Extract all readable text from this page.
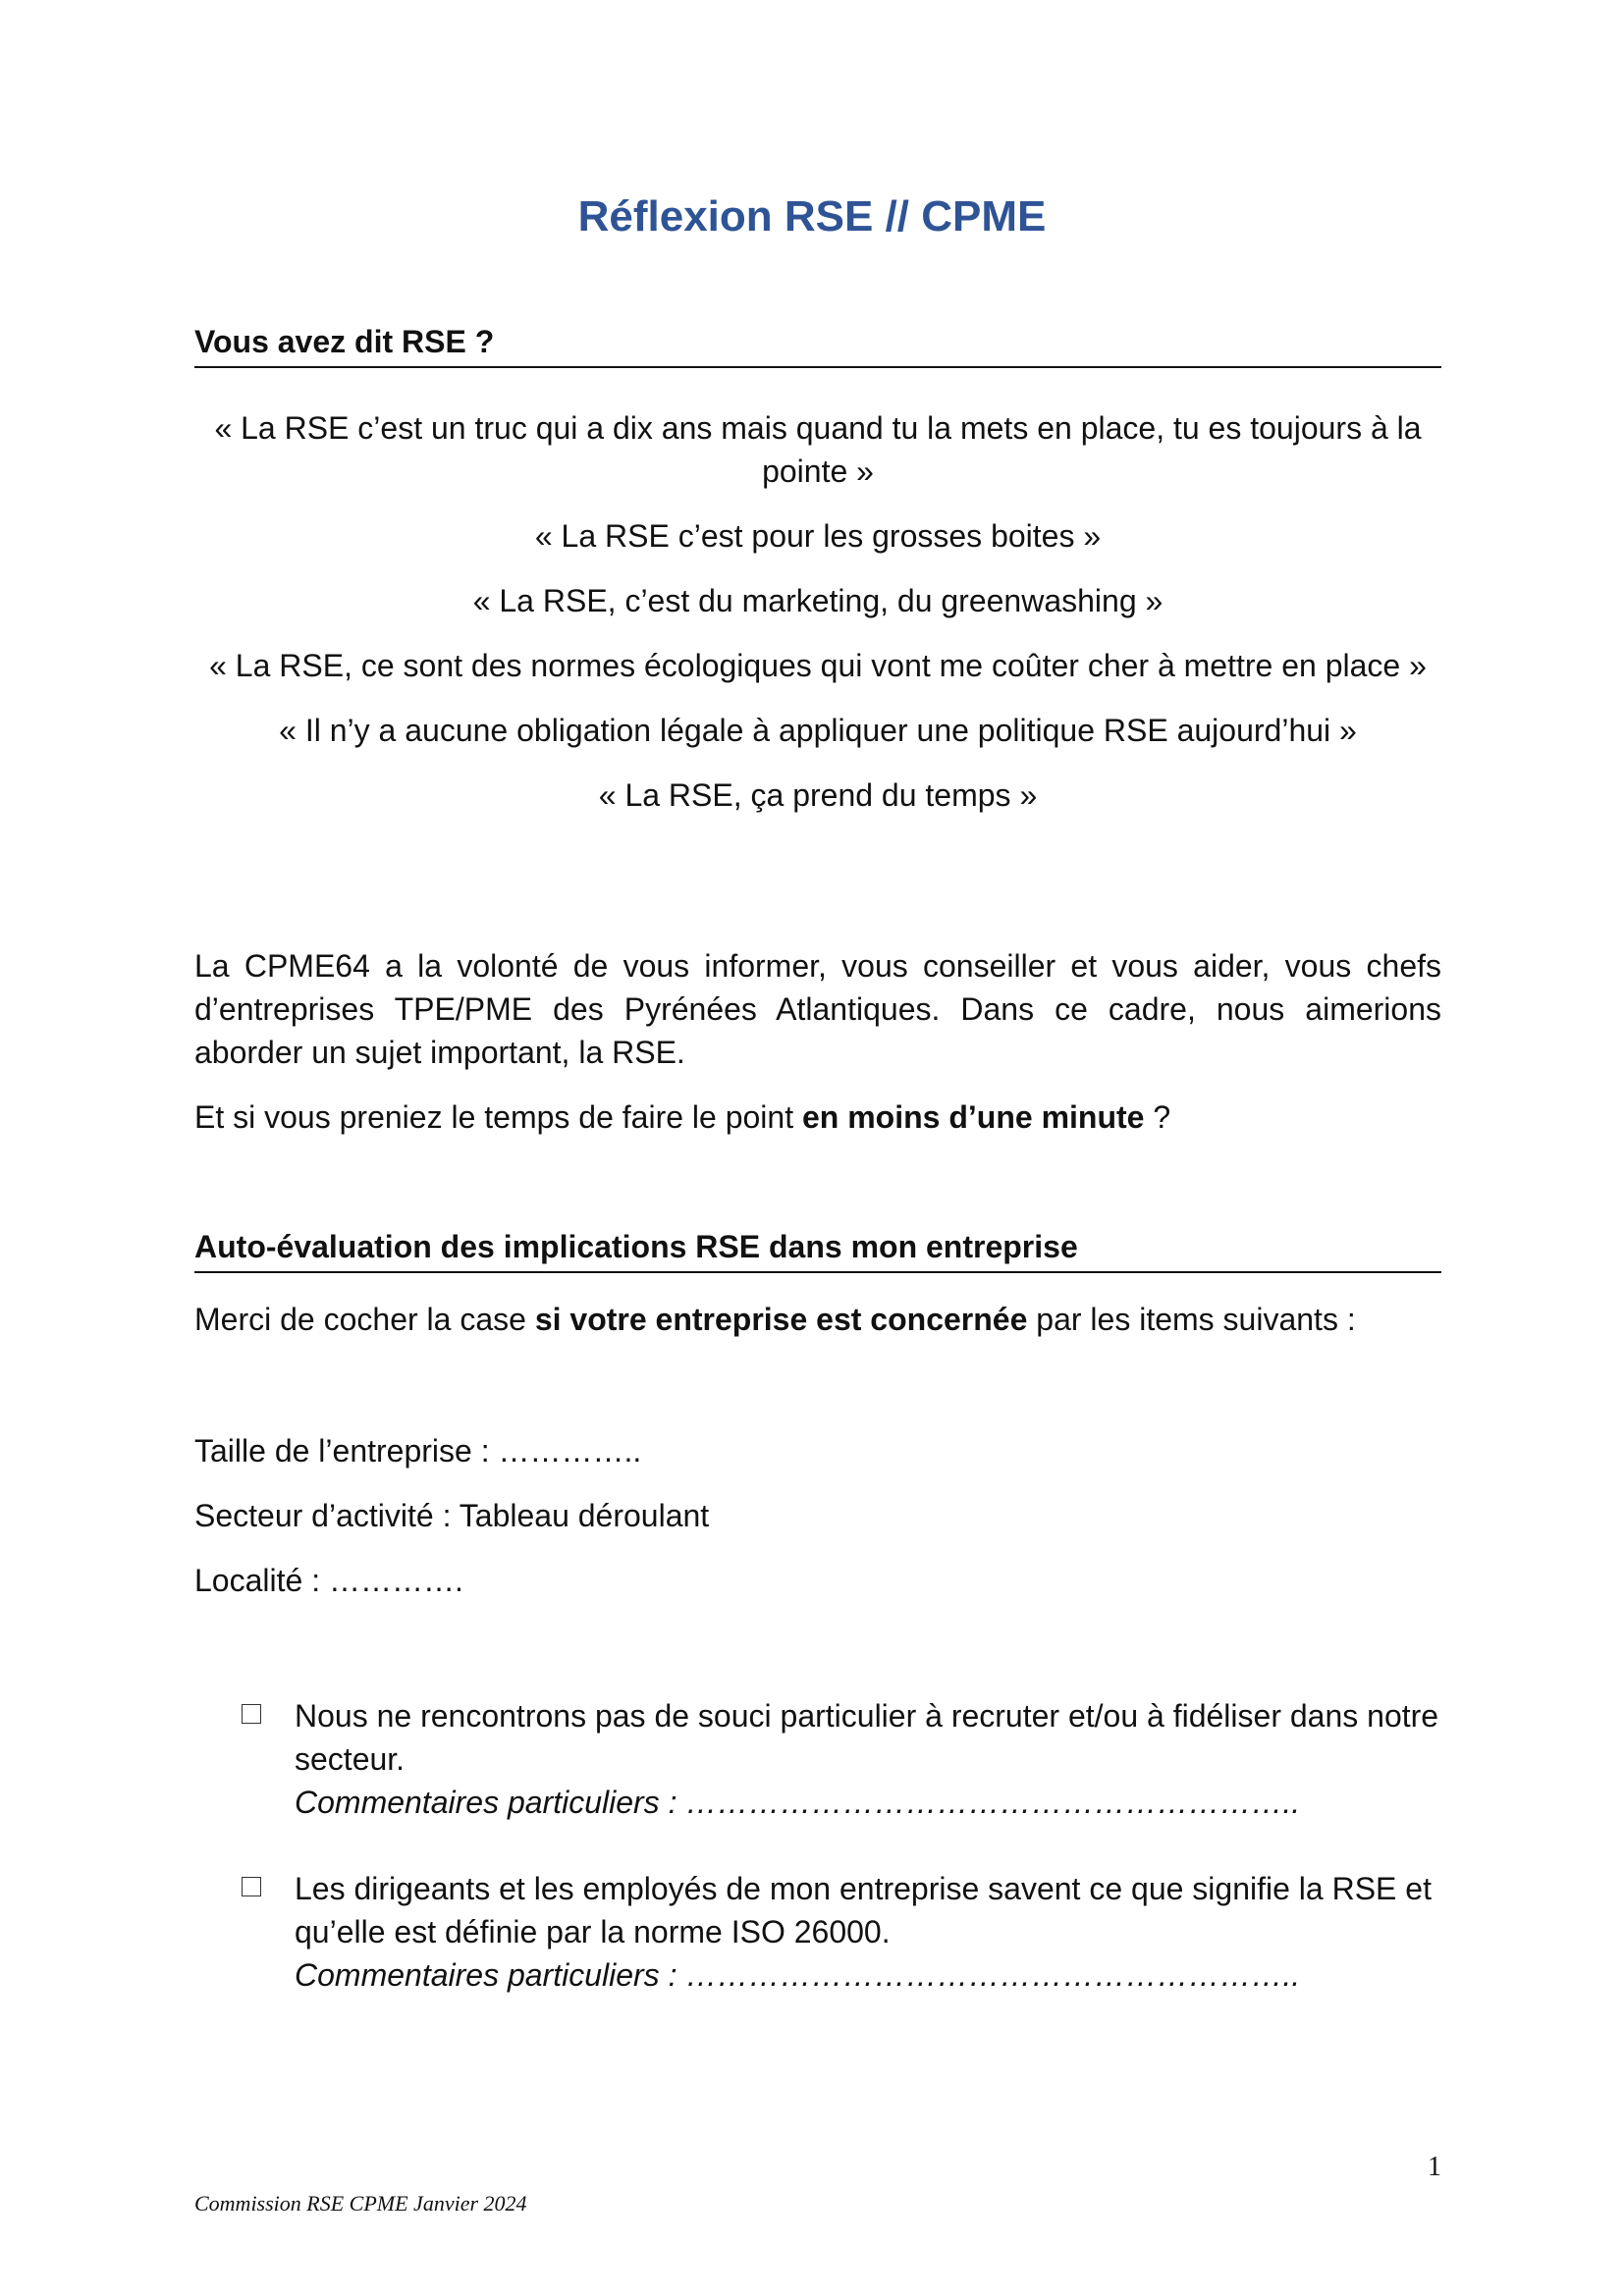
Réflexion RSE // CPME
Vous avez dit RSE ?

« La RSE c’est un truc qui a dix ans mais quand tu la mets en place, tu es toujours à la pointe »

« La RSE c’est pour les grosses boites »

« La RSE, c’est du marketing, du greenwashing »

« La RSE, ce sont des normes écologiques qui vont me coûter cher à mettre en place »

« Il n’y a aucune obligation légale à appliquer une politique RSE aujourd’hui »

« La RSE, ça prend du temps »

La CPME64 a la volonté de vous informer, vous conseiller et vous aider, vous chefs d’entreprises TPE/PME des Pyrénées Atlantiques. Dans ce cadre, nous aimerions aborder un sujet important, la RSE.

Et si vous preniez le temps de faire le point en moins d’une minute ?

Auto-évaluation des implications RSE dans mon entreprise

Merci de cocher la case si votre entreprise est concernée par les items suivants :

Taille de l’entreprise : …………..

Secteur d’activité : Tableau déroulant

Localité : ………….

Nous ne rencontrons pas de souci particulier à recruter et/ou à fidéliser dans notre secteur.
Commentaires particuliers : …………………………………………………..
Les dirigeants et les employés de mon entreprise savent ce que signifie la RSE et qu’elle est définie par la norme ISO 26000.
Commentaires particuliers : …………………………………………………..
1
Commission RSE CPME Janvier 2024
